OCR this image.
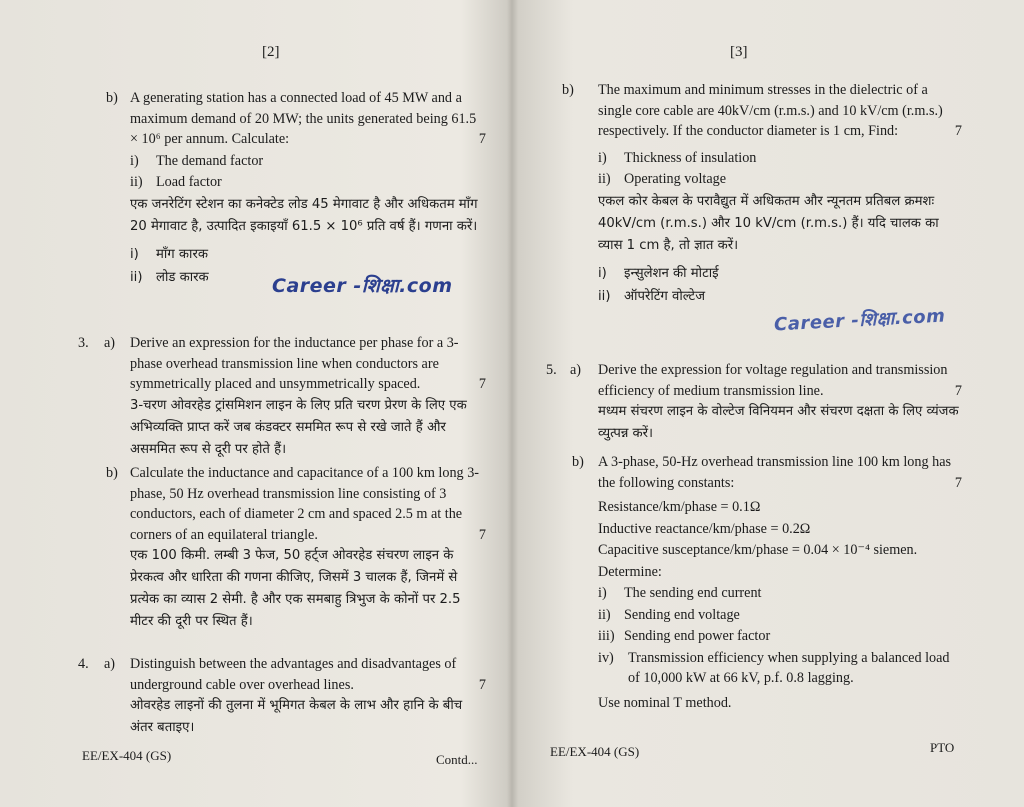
[2]
b) A generating station has a connected load of 45 MW and a maximum demand of 20 MW; the units generated being 61.5 × 10⁶ per annum. Calculate:	7
i) The demand factor
ii) Load factor
एक जनरेटिंग स्टेशन का कनेक्टेड लोड 45 मेगावाट है और अधिकतम माँग 20 मेगावाट है, उत्पादित इकाइयाँ 61.5 × 10⁶ प्रति वर्ष हैं। गणना करें।
i) माँग कारक
ii) लोड कारक	Career -शिक्षा.com
3. a) Derive an expression for the inductance per phase for a 3-phase overhead transmission line when conductors are symmetrically placed and unsymmetrically spaced.	7
3-चरण ओवरहेड ट्रांसमिशन लाइन के लिए प्रति चरण प्रेरण के लिए एक अभिव्यक्ति प्राप्त करें जब कंडक्टर सममित रूप से रखे जाते हैं और असममित रूप से दूरी पर होते हैं।
b) Calculate the inductance and capacitance of a 100 km long 3-phase, 50 Hz overhead transmission line consisting of 3 conductors, each of diameter 2 cm and spaced 2.5 m at the corners of an equilateral triangle.	7
एक 100 किमी. लम्बी 3 फेज, 50 हर्ट्ज ओवरहेड संचरण लाइन के प्रेरकत्व और धारिता की गणना कीजिए, जिसमें 3 चालक हैं, जिनमें से प्रत्येक का व्यास 2 सेमी. है और एक समबाहु त्रिभुज के कोनों पर 2.5 मीटर की दूरी पर स्थित हैं।
4. a) Distinguish between the advantages and disadvantages of underground cable over overhead lines.	7
ओवरहेड लाइनों की तुलना में भूमिगत केबल के लाभ और हानि के बीच अंतर बताइए।
EE/EX-404 (GS)	Contd...
[3]
b) The maximum and minimum stresses in the dielectric of a single core cable are 40kV/cm (r.m.s.) and 10 kV/cm (r.m.s.) respectively. If the conductor diameter is 1 cm, Find:	7
i) Thickness of insulation
ii) Operating voltage
एकल कोर केबल के परावैद्युत में अधिकतम और न्यूनतम प्रतिबल क्रमशः 40kV/cm (r.m.s.) और 10 kV/cm (r.m.s.) हैं। यदि चालक का व्यास 1 cm है, तो ज्ञात करें।
i) इन्सुलेशन की मोटाई
ii) ऑपरेटिंग वोल्टेज
Career -शिक्षा.com
5. a) Derive the expression for voltage regulation and transmission efficiency of medium transmission line.	7
मध्यम संचरण लाइन के वोल्टेज विनियमन और संचरण दक्षता के लिए व्यंजक व्युत्पन्न करें।
b) A 3-phase, 50-Hz overhead transmission line 100 km long has the following constants:	7
Resistance/km/phase = 0.1Ω
Inductive reactance/km/phase = 0.2Ω
Capacitive susceptance/km/phase = 0.04 × 10⁻⁴ siemen.
Determine:
i) The sending end current
ii) Sending end voltage
iii) Sending end power factor
iv)	Transmission efficiency when supplying a balanced load of 10,000 kW at 66 kV, p.f. 0.8 lagging.
Use nominal T method.
EE/EX-404 (GS)	PTO
